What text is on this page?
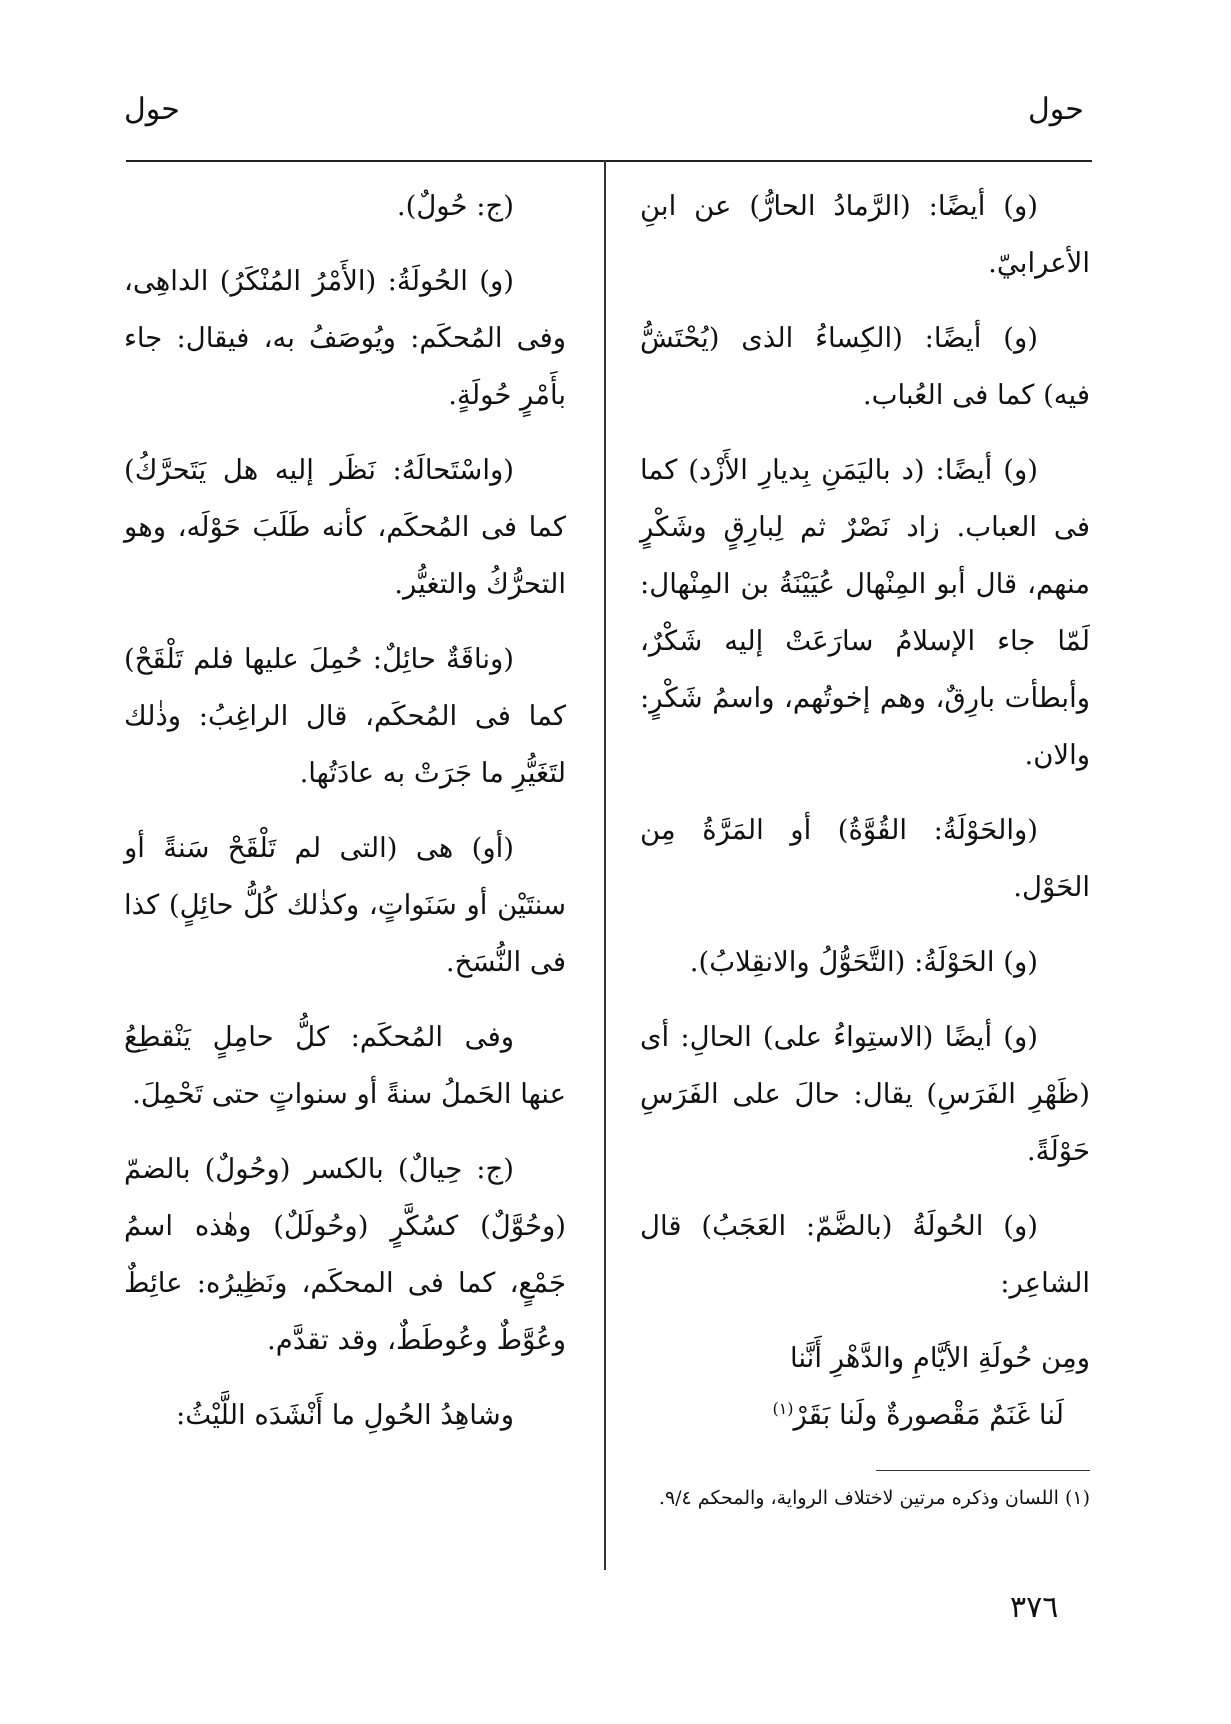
حول
حول

(و) أيضًا: (الرَّمادُ الحارُّ) عن ابنِ الأعرابيّ.

(و) أيضًا: (الكِساءُ الذى (يُحْتَشُّ فيه) كما فى العُباب.

(و) أيضًا: (د باليَمَنِ بِديارِ الأَزْد) كما فى العباب. زاد نَصْرٌ ثم لِبارِقٍ وشَكْرٍ منهم، قال أبو المِنْهال عُيَيْنَةُ بن المِنْهال: لَمّا جاء الإسلامُ سارَعَتْ إليه شَكْرٌ، وأبطأت بارِقٌ، وهم إخوتُهم، واسمُ شَكْرٍ: والان.

(والحَوْلَةُ: القُوَّةُ) أو المَرَّةُ مِن الحَوْل.

(و) الحَوْلَةُ: (التَّحَوُّلُ والانقِلابُ).

(و) أيضًا (الاستِواءُ على) الحالِ: أى (ظَهْرِ الفَرَسِ) يقال: حالَ على الفَرَسِ حَوْلَةً.

(و) الحُولَةُ (بالضَّمّ: العَجَبُ) قال الشاعِر:

ومِن حُولَةِ الأيَّامِ والدَّهْرِ أَنَّنا
لَنا غَنَمٌ مَقْصورةٌ ولَنا بَقَرْ$^{(١)}$

(ج: حُولٌ).

(و) الحُولَةُ: (الأَمْرُ المُنْكَرُ) الداهِى، وفى المُحكَم: ويُوصَفُ به، فيقال: جاء بأَمْرٍ حُولَةٍ.

(واسْتَحالَهُ: نَظَر إليه هل يَتَحرَّكُ) كما فى المُحكَم، كأنه طَلَبَ حَوْلَه، وهو التحرُّكُ والتغيُّر.

(وناقَةٌ حائِلٌ: حُمِلَ عليها فلم تَلْقَحْ) كما فى المُحكَم، قال الراغِبُ: وذٰلك لتَغَيُّرِ ما جَرَتْ به عادَتُها.

(أو) هى (التى لم تَلْقَحْ سَنةً أو سنتَيْن أو سَنَواتٍ، وكذٰلك كُلُّ حائِلٍ) كذا فى النُّسَخ.

وفى المُحكَم: كلُّ حامِلٍ يَنْقطِعُ عنها الحَملُ سنةً أو سنواتٍ حتى تَحْمِلَ.

(ج: حِيالٌ) بالكسر (وحُولٌ) بالضمّ (وحُوَّلٌ) كسُكَّرٍ (وحُولَلٌ) وهٰذه اسمُ جَمْعٍ، كما فى المحكَم، ونَظِيرُه: عائِطٌ وعُوَّطٌ وعُوطَطٌ، وقد تقدَّم.

وشاهِدُ الحُولِ ما أَنْشَدَه اللَّيْثُ:

(١) اللسان وذكره مرتين لاختلاف الرواية، والمحكم ٩/٤.
٣٧٦
